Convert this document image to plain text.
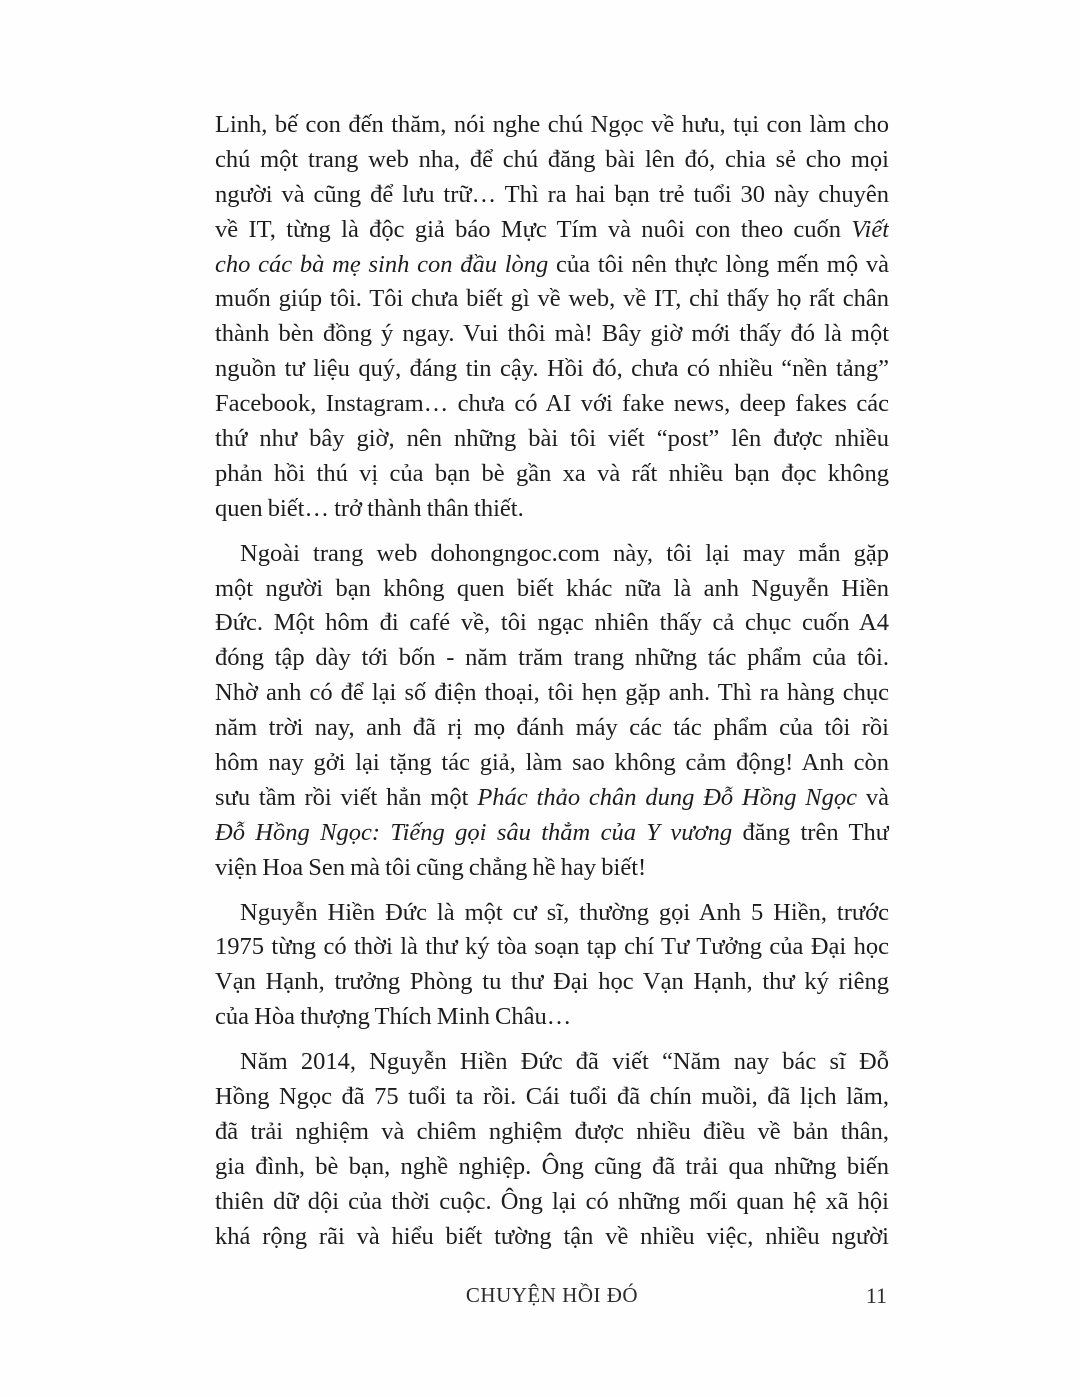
Linh, bế con đến thăm, nói nghe chú Ngọc về hưu, tụi con làm cho
chú một trang web nha, để chú đăng bài lên đó, chia sẻ cho mọi
người và cũng để lưu trữ… Thì ra hai bạn trẻ tuổi 30 này chuyên
về IT, từng là độc giả báo Mực Tím và nuôi con theo cuốn Viết
cho các bà mẹ sinh con đầu lòng của tôi nên thực lòng mến mộ và
muốn giúp tôi. Tôi chưa biết gì về web, về IT, chỉ thấy họ rất chân
thành bèn đồng ý ngay. Vui thôi mà! Bây giờ mới thấy đó là một
nguồn tư liệu quý, đáng tin cậy. Hồi đó, chưa có nhiều “nền tảng”
Facebook, Instagram… chưa có AI với fake news, deep fakes các
thứ như bây giờ, nên những bài tôi viết “post” lên được nhiều
phản hồi thú vị của bạn bè gần xa và rất nhiều bạn đọc không
quen biết… trở thành thân thiết.
Ngoài trang web dohongngoc.com này, tôi lại may mắn gặp
một người bạn không quen biết khác nữa là anh Nguyễn Hiền
Đức. Một hôm đi café về, tôi ngạc nhiên thấy cả chục cuốn A4
đóng tập dày tới bốn - năm trăm trang những tác phẩm của tôi.
Nhờ anh có để lại số điện thoại, tôi hẹn gặp anh. Thì ra hàng chục
năm trời nay, anh đã rị mọ đánh máy các tác phẩm của tôi rồi
hôm nay gởi lại tặng tác giả, làm sao không cảm động! Anh còn
sưu tầm rồi viết hẳn một Phác thảo chân dung Đỗ Hồng Ngọc và
Đỗ Hồng Ngọc: Tiếng gọi sâu thẳm của Y vương đăng trên Thư
viện Hoa Sen mà tôi cũng chẳng hề hay biết!
Nguyễn Hiền Đức là một cư sĩ, thường gọi Anh 5 Hiền, trước
1975 từng có thời là thư ký tòa soạn tạp chí Tư Tưởng của Đại học
Vạn Hạnh, trưởng Phòng tu thư Đại học Vạn Hạnh, thư ký riêng
của Hòa thượng Thích Minh Châu…
Năm 2014, Nguyễn Hiền Đức đã viết “Năm nay bác sĩ Đỗ
Hồng Ngọc đã 75 tuổi ta rồi. Cái tuổi đã chín muồi, đã lịch lãm,
đã trải nghiệm và chiêm nghiệm được nhiều điều về bản thân,
gia đình, bè bạn, nghề nghiệp. Ông cũng đã trải qua những biến
thiên dữ dội của thời cuộc. Ông lại có những mối quan hệ xã hội
khá rộng rãi và hiểu biết tường tận về nhiều việc, nhiều người
CHUYỆN HỒI ĐÓ	11
